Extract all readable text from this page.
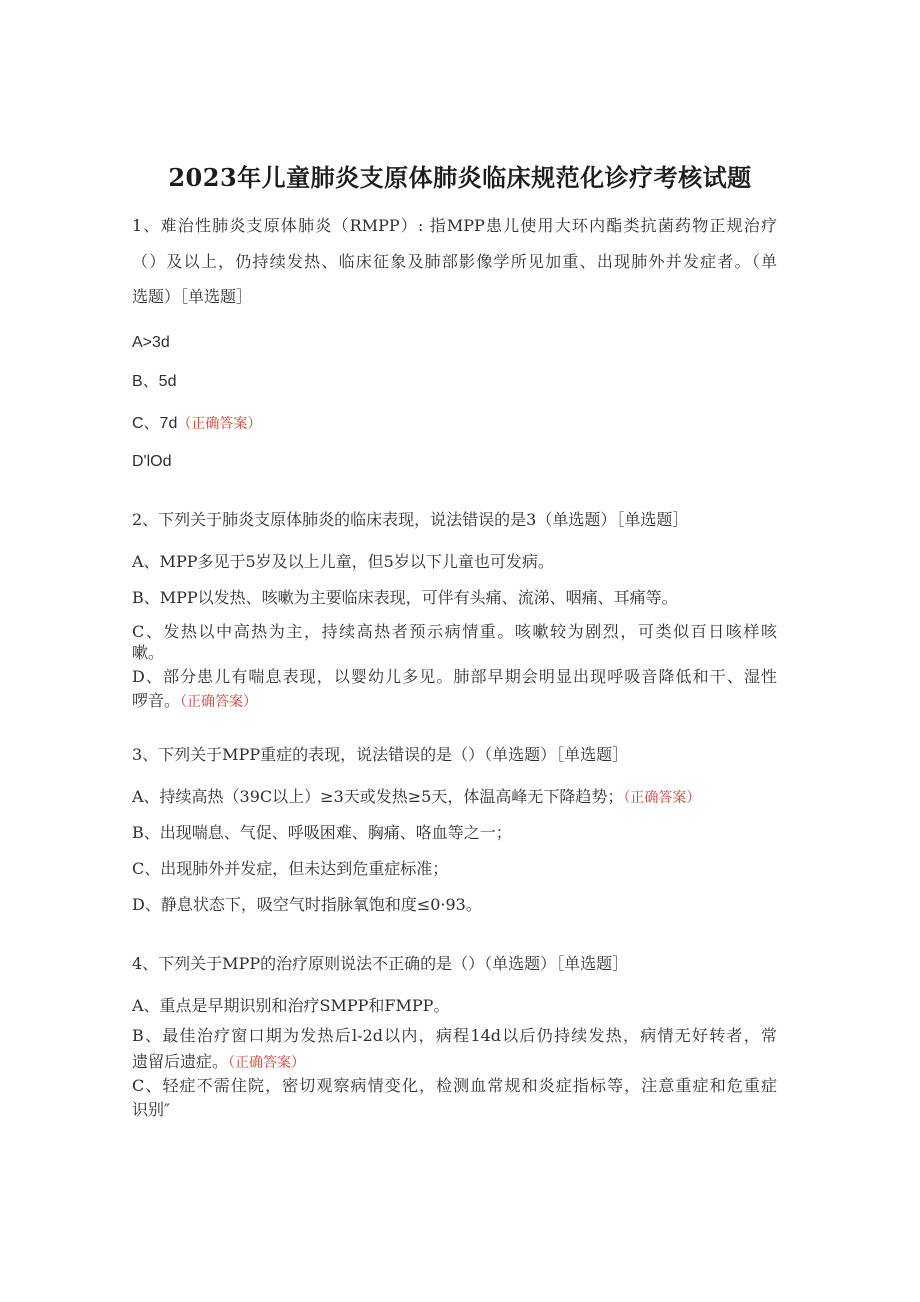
2023年儿童肺炎支原体肺炎临床规范化诊疗考核试题
1、难治性肺炎支原体肺炎（RMPP）: 指MPP患儿使用大环内酯类抗菌药物正规治疗
（）及以上，仍持续发热、临床征象及肺部影像学所见加重、出现肺外并发症者。（单
选题）［单选题］
A>3d
B、5d
C、7d（正确答案）
D'lOd
2、下列关于肺炎支原体肺炎的临床表现，说法错误的是3（单选题）［单选题］
A、MPP多见于5岁及以上儿童，但5岁以下儿童也可发病。
B、MPP以发热、咳嗽为主要临床表现，可伴有头痛、流涕、咽痛、耳痛等。
C、发热以中高热为主，持续高热者预示病情重。咳嗽较为剧烈，可类似百日咳样咳
嗽。
D、部分患儿有喘息表现，以婴幼儿多见。肺部早期会明显出现呼吸音降低和干、湿性
啰音。（正确答案）
3、下列关于MPP重症的表现，说法错误的是（）（单选题）［单选题］
A、持续高热（39C以上）≥3天或发热≥5天，体温高峰无下降趋势；（正确答案）
B、出现喘息、气促、呼吸困难、胸痛、咯血等之一；
C、出现肺外并发症，但未达到危重症标准；
D、静息状态下，吸空气时指脉氧饱和度≤0·93。
4、下列关于MPP的治疗原则说法不正确的是（）（单选题）［单选题］
A、重点是早期识别和治疗SMPP和FMPP。
B、最佳治疗窗口期为发热后l-2d以内，病程14d以后仍持续发热，病情无好转者，常
遗留后遗症。（正确答案）
C、轻症不需住院，密切观察病情变化，检测血常规和炎症指标等，注意重症和危重症
识别″
